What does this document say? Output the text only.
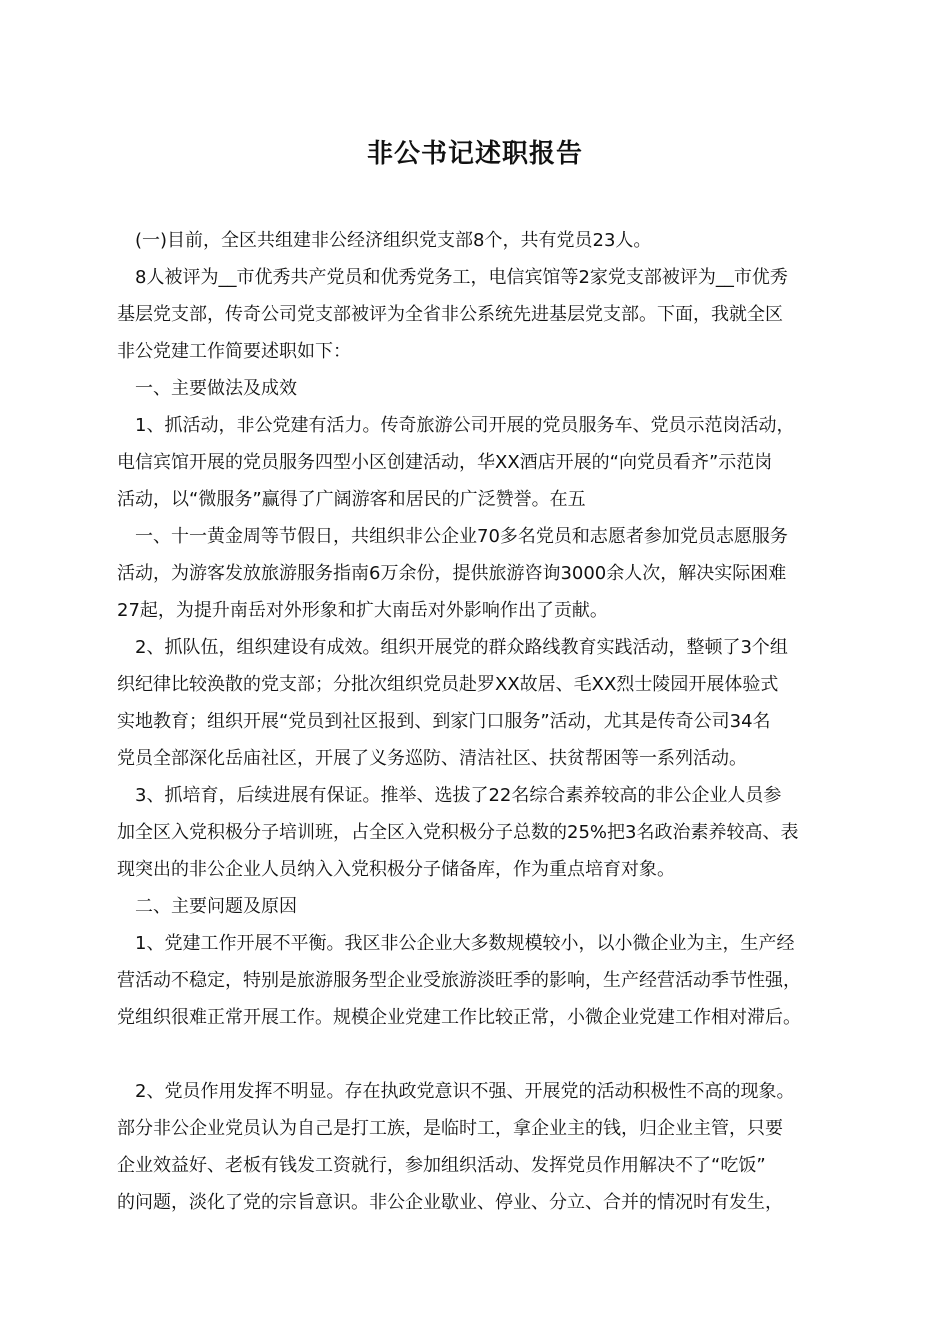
非公书记述职报告
(一)目前，全区共组建非公经济组织党支部8个，共有党员23人。
8人被评为__市优秀共产党员和优秀党务工，电信宾馆等2家党支部被评为__市优秀
基层党支部，传奇公司党支部被评为全省非公系统先进基层党支部。下面，我就全区
非公党建工作简要述职如下：
一、主要做法及成效
1、抓活动，非公党建有活力。传奇旅游公司开展的党员服务车、党员示范岗活动，
电信宾馆开展的党员服务四型小区创建活动，华XX酒店开展的“向党员看齐”示范岗
活动，以“微服务”赢得了广阔游客和居民的广泛赞誉。在五
一、十一黄金周等节假日，共组织非公企业70多名党员和志愿者参加党员志愿服务
活动，为游客发放旅游服务指南6万余份，提供旅游咨询3000余人次，解决实际困难
27起，为提升南岳对外形象和扩大南岳对外影响作出了贡献。
2、抓队伍，组织建设有成效。组织开展党的群众路线教育实践活动，整顿了3个组
织纪律比较涣散的党支部；分批次组织党员赴罗XX故居、毛XX烈士陵园开展体验式
实地教育；组织开展“党员到社区报到、到家门口服务”活动，尤其是传奇公司34名
党员全部深化岳庙社区，开展了义务巡防、清洁社区、扶贫帮困等一系列活动。
3、抓培育，后续进展有保证。推举、选拔了22名综合素养较高的非公企业人员参
加全区入党积极分子培训班，占全区入党积极分子总数的25%把3名政治素养较高、表
现突出的非公企业人员纳入入党积极分子储备库，作为重点培育对象。
二、主要问题及原因
1、党建工作开展不平衡。我区非公企业大多数规模较小，以小微企业为主，生产经
营活动不稳定，特别是旅游服务型企业受旅游淡旺季的影响，生产经营活动季节性强，
党组织很难正常开展工作。规模企业党建工作比较正常，小微企业党建工作相对滞后。
2、党员作用发挥不明显。存在执政党意识不强、开展党的活动积极性不高的现象。
部分非公企业党员认为自己是打工族，是临时工，拿企业主的钱，归企业主管，只要
企业效益好、老板有钱发工资就行，参加组织活动、发挥党员作用解决不了“吃饭”
的问题，淡化了党的宗旨意识。非公企业歇业、停业、分立、合并的情况时有发生，
